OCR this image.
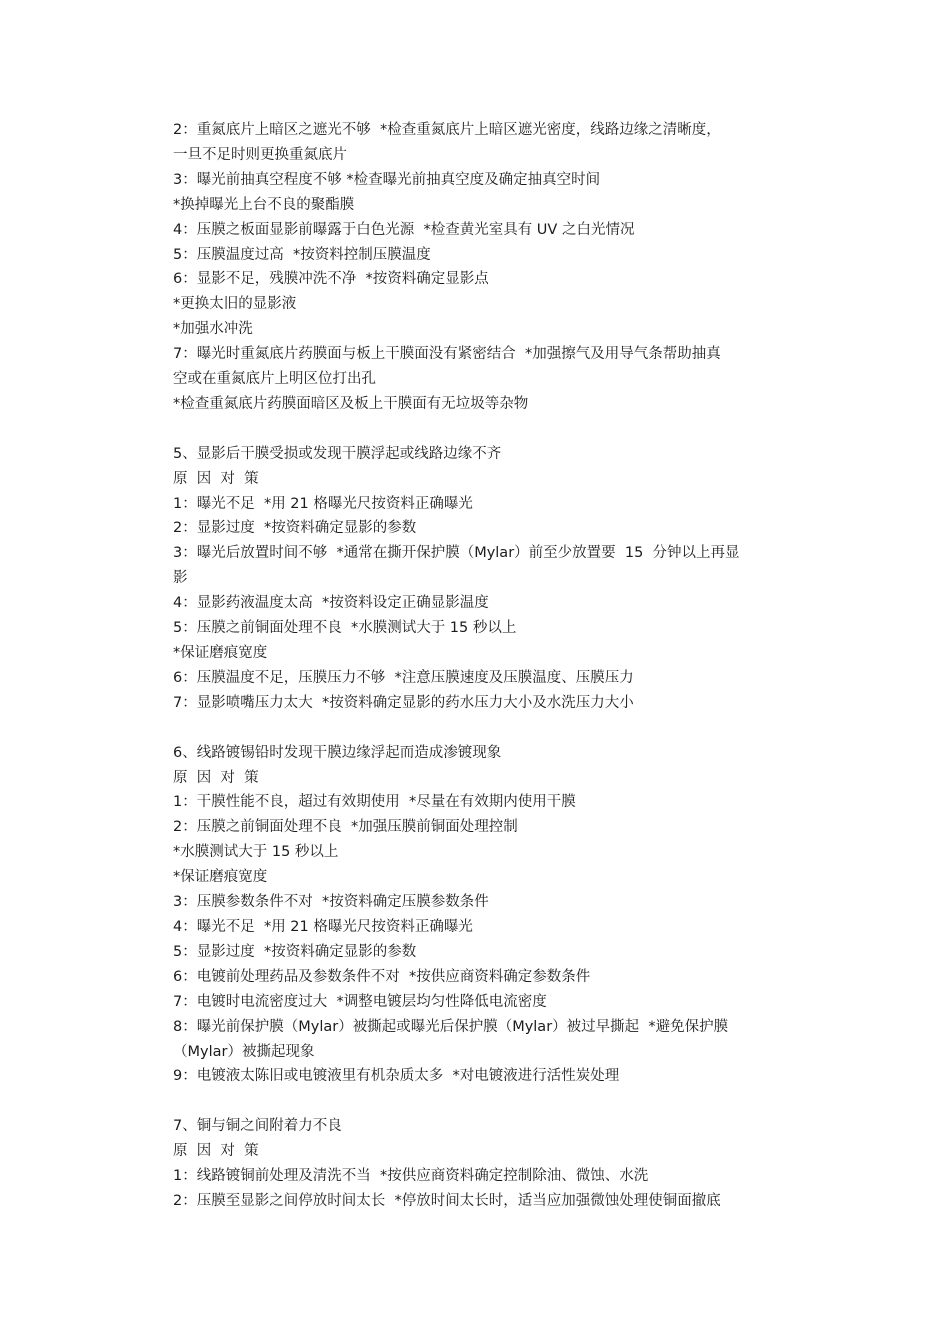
2：重氮底片上暗区之遮光不够  *检查重氮底片上暗区遮光密度，线路边缘之清晰度，
一旦不足时则更换重氮底片
3：曝光前抽真空程度不够 *检查曝光前抽真空度及确定抽真空时间
*换掉曝光上台不良的聚酯膜
4：压膜之板面显影前曝露于白色光源  *检查黄光室具有 UV 之白光情况
5：压膜温度过高  *按资料控制压膜温度
6：显影不足，残膜冲洗不净  *按资料确定显影点
*更换太旧的显影液
*加强水冲洗
7：曝光时重氮底片药膜面与板上干膜面没有紧密结合  *加强擦气及用导气条帮助抽真
空或在重氮底片上明区位打出孔
*检查重氮底片药膜面暗区及板上干膜面有无垃圾等杂物
5、显影后干膜受损或发现干膜浮起或线路边缘不齐
原  因  对  策
1：曝光不足  *用 21 格曝光尺按资料正确曝光
2：显影过度  *按资料确定显影的参数
3：曝光后放置时间不够  *通常在撕开保护膜（Mylar）前至少放置要  15  分钟以上再显
影
4：显影药液温度太高  *按资料设定正确显影温度
5：压膜之前铜面处理不良  *水膜测试大于 15 秒以上
*保证磨痕宽度
6：压膜温度不足，压膜压力不够  *注意压膜速度及压膜温度、压膜压力
7：显影喷嘴压力太大  *按资料确定显影的药水压力大小及水洗压力大小
6、线路镀锡铅时发现干膜边缘浮起而造成渗镀现象
原  因  对  策
1：干膜性能不良，超过有效期使用  *尽量在有效期内使用干膜
2：压膜之前铜面处理不良  *加强压膜前铜面处理控制
*水膜测试大于 15 秒以上
*保证磨痕宽度
3：压膜参数条件不对  *按资料确定压膜参数条件
4：曝光不足  *用 21 格曝光尺按资料正确曝光
5：显影过度  *按资料确定显影的参数
6：电镀前处理药品及参数条件不对  *按供应商资料确定参数条件
7：电镀时电流密度过大  *调整电镀层均匀性降低电流密度
8：曝光前保护膜（Mylar）被撕起或曝光后保护膜（Mylar）被过早撕起  *避免保护膜
（Mylar）被撕起现象
9：电镀液太陈旧或电镀液里有机杂质太多  *对电镀液进行活性炭处理
7、铜与铜之间附着力不良
原  因  对  策
1：线路镀铜前处理及清洗不当  *按供应商资料确定控制除油、微蚀、水洗
2：压膜至显影之间停放时间太长  *停放时间太长时，适当应加强微蚀处理使铜面撤底
